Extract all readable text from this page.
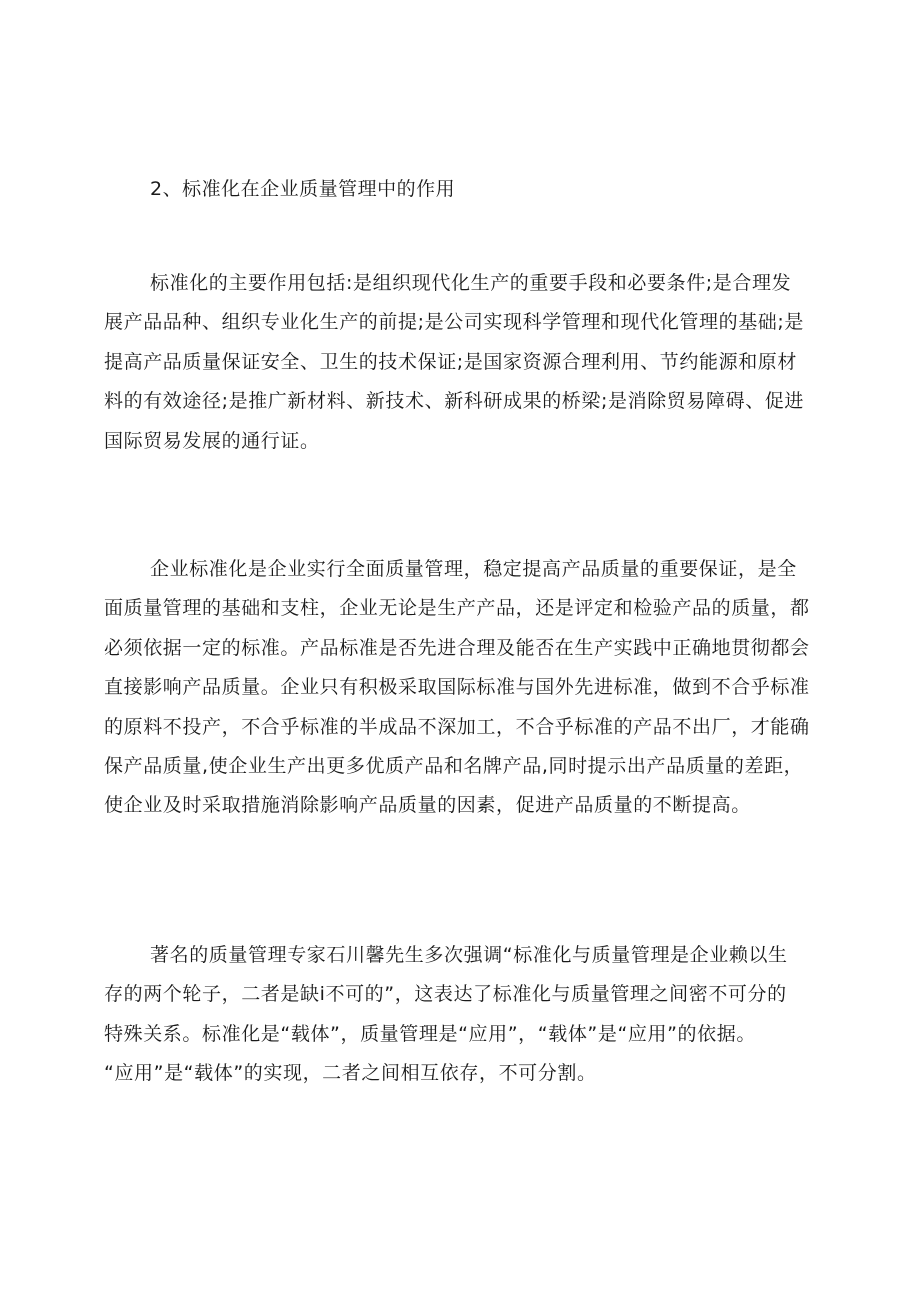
2、标准化在企业质量管理中的作用
标准化的主要作用包括:是组织现代化生产的重要手段和必要条件;是合理发
展产品品种、组织专业化生产的前提;是公司实现科学管理和现代化管理的基础;是
提高产品质量保证安全、卫生的技术保证;是国家资源合理利用、节约能源和原材
料的有效途径;是推广新材料、新技术、新科研成果的桥梁;是消除贸易障碍、促进
国际贸易发展的通行证。
企业标准化是企业实行全面质量管理，稳定提高产品质量的重要保证，是全
面质量管理的基础和支柱，企业无论是生产产品，还是评定和检验产品的质量，都
必须依据一定的标准。产品标准是否先进合理及能否在生产实践中正确地贯彻都会
直接影响产品质量。企业只有积极采取国际标准与国外先进标准，做到不合乎标准
的原料不投产，不合乎标准的半成品不深加工，不合乎标准的产品不出厂，才能确
保产品质量,使企业生产出更多优质产品和名牌产品,同时提示出产品质量的差距，
使企业及时采取措施消除影响产品质量的因素，促进产品质量的不断提高。
著名的质量管理专家石川馨先生多次强调“标准化与质量管理是企业赖以生
存的两个轮子，二者是缺i不可的”，这表达了标准化与质量管理之间密不可分的
特殊关系。标准化是“载体”，质量管理是“应用”，“载体”是“应用”的依据。
“应用”是“载体”的实现，二者之间相互依存，不可分割。
